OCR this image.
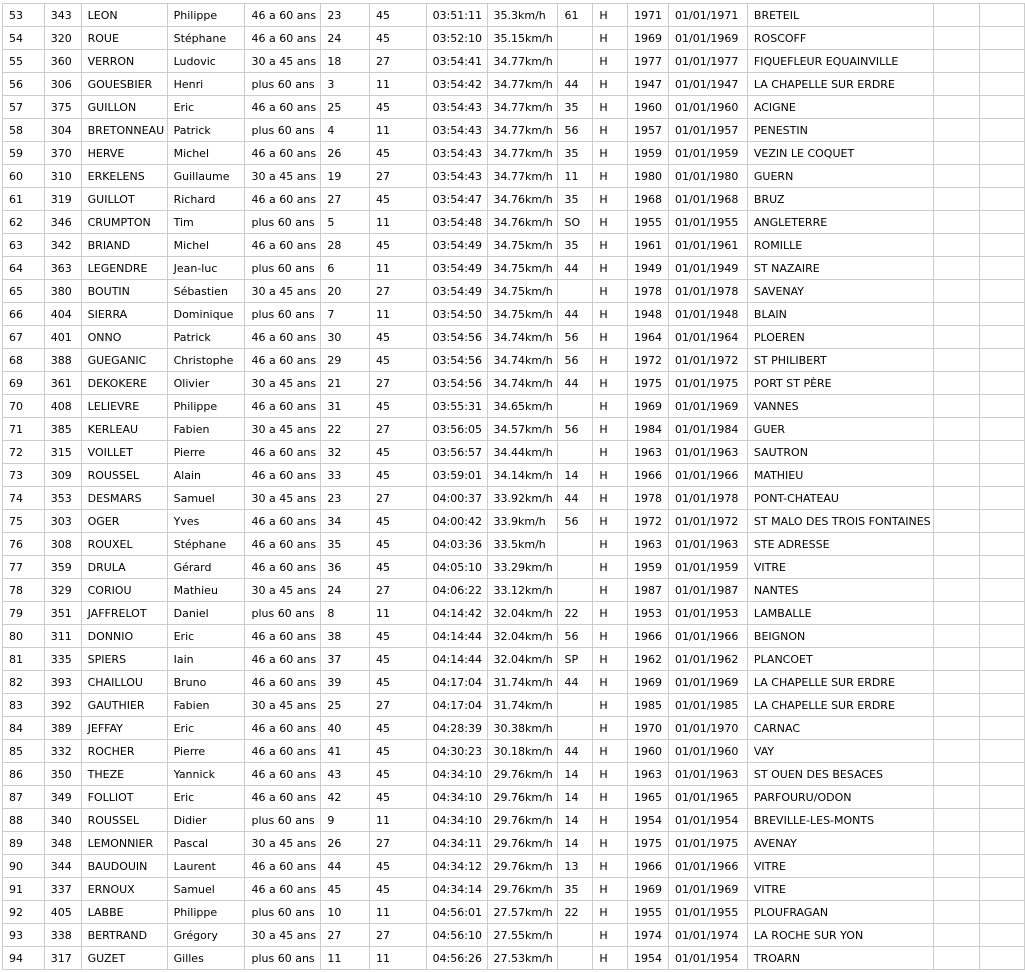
53	343	LEON	Philippe	46 a 60 ans	23	45	03:51:11	35.3km/h	61	H	1971	01/01/1971	BRETEIL		
54	320	ROUE	Stéphane	46 a 60 ans	24	45	03:52:10	35.15km/h		H	1969	01/01/1969	ROSCOFF		
55	360	VERRON	Ludovic	30 a 45 ans	18	27	03:54:41	34.77km/h		H	1977	01/01/1977	FIQUEFLEUR EQUAINVILLE		
56	306	GOUESBIER	Henri	plus 60 ans	3	11	03:54:42	34.77km/h	44	H	1947	01/01/1947	LA CHAPELLE SUR ERDRE		
57	375	GUILLON	Eric	46 a 60 ans	25	45	03:54:43	34.77km/h	35	H	1960	01/01/1960	ACIGNE		
58	304	BRETONNEAU	Patrick	plus 60 ans	4	11	03:54:43	34.77km/h	56	H	1957	01/01/1957	PENESTIN		
59	370	HERVE	Michel	46 a 60 ans	26	45	03:54:43	34.77km/h	35	H	1959	01/01/1959	VEZIN LE COQUET		
60	310	ERKELENS	Guillaume	30 a 45 ans	19	27	03:54:43	34.77km/h	11	H	1980	01/01/1980	GUERN		
61	319	GUILLOT	Richard	46 a 60 ans	27	45	03:54:47	34.76km/h	35	H	1968	01/01/1968	BRUZ		
62	346	CRUMPTON	Tim	plus 60 ans	5	11	03:54:48	34.76km/h	SO	H	1955	01/01/1955	ANGLETERRE		
63	342	BRIAND	Michel	46 a 60 ans	28	45	03:54:49	34.75km/h	35	H	1961	01/01/1961	ROMILLE		
64	363	LEGENDRE	Jean-luc	plus 60 ans	6	11	03:54:49	34.75km/h	44	H	1949	01/01/1949	ST NAZAIRE		
65	380	BOUTIN	Sébastien	30 a 45 ans	20	27	03:54:49	34.75km/h		H	1978	01/01/1978	SAVENAY		
66	404	SIERRA	Dominique	plus 60 ans	7	11	03:54:50	34.75km/h	44	H	1948	01/01/1948	BLAIN		
67	401	ONNO	Patrick	46 a 60 ans	30	45	03:54:56	34.74km/h	56	H	1964	01/01/1964	PLOEREN		
68	388	GUEGANIC	Christophe	46 a 60 ans	29	45	03:54:56	34.74km/h	56	H	1972	01/01/1972	ST PHILIBERT		
69	361	DEKOKERE	Olivier	30 a 45 ans	21	27	03:54:56	34.74km/h	44	H	1975	01/01/1975	PORT ST PÈRE		
70	408	LELIEVRE	Philippe	46 a 60 ans	31	45	03:55:31	34.65km/h		H	1969	01/01/1969	VANNES		
71	385	KERLEAU	Fabien	30 a 45 ans	22	27	03:56:05	34.57km/h	56	H	1984	01/01/1984	GUER		
72	315	VOILLET	Pierre	46 a 60 ans	32	45	03:56:57	34.44km/h		H	1963	01/01/1963	SAUTRON		
73	309	ROUSSEL	Alain	46 a 60 ans	33	45	03:59:01	34.14km/h	14	H	1966	01/01/1966	MATHIEU		
74	353	DESMARS	Samuel	30 a 45 ans	23	27	04:00:37	33.92km/h	44	H	1978	01/01/1978	PONT-CHATEAU		
75	303	OGER	Yves	46 a 60 ans	34	45	04:00:42	33.9km/h	56	H	1972	01/01/1972	ST MALO DES TROIS FONTAINES		
76	308	ROUXEL	Stéphane	46 a 60 ans	35	45	04:03:36	33.5km/h		H	1963	01/01/1963	STE ADRESSE		
77	359	DRULA	Gérard	46 a 60 ans	36	45	04:05:10	33.29km/h		H	1959	01/01/1959	VITRE		
78	329	CORIOU	Mathieu	30 a 45 ans	24	27	04:06:22	33.12km/h		H	1987	01/01/1987	NANTES		
79	351	JAFFRELOT	Daniel	plus 60 ans	8	11	04:14:42	32.04km/h	22	H	1953	01/01/1953	LAMBALLE		
80	311	DONNIO	Eric	46 a 60 ans	38	45	04:14:44	32.04km/h	56	H	1966	01/01/1966	BEIGNON		
81	335	SPIERS	Iain	46 a 60 ans	37	45	04:14:44	32.04km/h	SP	H	1962	01/01/1962	PLANCOET		
82	393	CHAILLOU	Bruno	46 a 60 ans	39	45	04:17:04	31.74km/h	44	H	1969	01/01/1969	LA CHAPELLE SUR ERDRE		
83	392	GAUTHIER	Fabien	30 a 45 ans	25	27	04:17:04	31.74km/h		H	1985	01/01/1985	LA CHAPELLE SUR ERDRE		
84	389	JEFFAY	Eric	46 a 60 ans	40	45	04:28:39	30.38km/h		H	1970	01/01/1970	CARNAC		
85	332	ROCHER	Pierre	46 a 60 ans	41	45	04:30:23	30.18km/h	44	H	1960	01/01/1960	VAY		
86	350	THEZE	Yannick	46 a 60 ans	43	45	04:34:10	29.76km/h	14	H	1963	01/01/1963	ST OUEN DES BESACES		
87	349	FOLLIOT	Eric	46 a 60 ans	42	45	04:34:10	29.76km/h	14	H	1965	01/01/1965	PARFOURU/ODON		
88	340	ROUSSEL	Didier	plus 60 ans	9	11	04:34:10	29.76km/h	14	H	1954	01/01/1954	BREVILLE-LES-MONTS		
89	348	LEMONNIER	Pascal	30 a 45 ans	26	27	04:34:11	29.76km/h	14	H	1975	01/01/1975	AVENAY		
90	344	BAUDOUIN	Laurent	46 a 60 ans	44	45	04:34:12	29.76km/h	13	H	1966	01/01/1966	VITRE		
91	337	ERNOUX	Samuel	46 a 60 ans	45	45	04:34:14	29.76km/h	35	H	1969	01/01/1969	VITRE		
92	405	LABBE	Philippe	plus 60 ans	10	11	04:56:01	27.57km/h	22	H	1955	01/01/1955	PLOUFRAGAN		
93	338	BERTRAND	Grégory	30 a 45 ans	27	27	04:56:10	27.55km/h		H	1974	01/01/1974	LA ROCHE SUR YON		
94	317	GUZET	Gilles	plus 60 ans	11	11	04:56:26	27.53km/h		H	1954	01/01/1954	TROARN		
